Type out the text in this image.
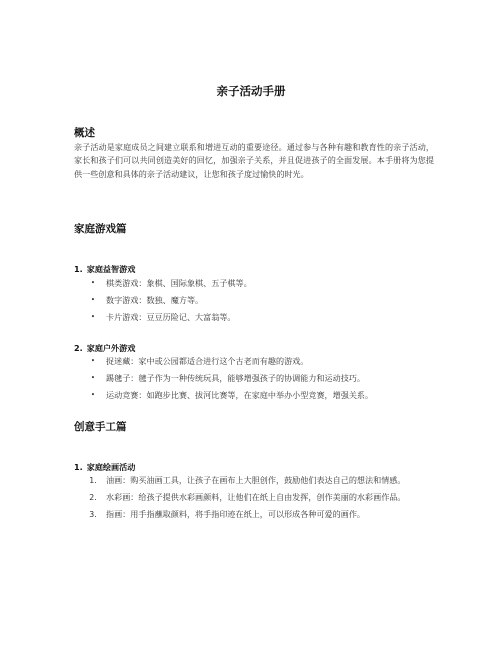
亲子活动手册
概述
亲子活动是家庭成员之间建立联系和增进互动的重要途径。通过参与各种有趣和教育性的亲子活动，家长和孩子们可以共同创造美好的回忆，加强亲子关系，并且促进孩子的全面发展。本手册将为您提供一些创意和具体的亲子活动建议，让您和孩子度过愉快的时光。
家庭游戏篇
1. 家庭益智游戏
•	棋类游戏：象棋、国际象棋、五子棋等。
•	数字游戏：数独、魔方等。
•	卡片游戏：豆豆历险记、大富翁等。
2. 家庭户外游戏
•	捉迷藏：家中或公园都适合进行这个古老而有趣的游戏。
•	踢毽子：毽子作为一种传统玩具，能够增强孩子的协调能力和运动技巧。
•	运动竞赛：如跑步比赛、拔河比赛等，在家庭中举办小型竞赛，增强关系。
创意手工篇
1. 家庭绘画活动
1.	油画：购买油画工具，让孩子在画布上大胆创作，鼓励他们表达自己的想法和情感。
2.	水彩画：给孩子提供水彩画颜料，让他们在纸上自由发挥，创作美丽的水彩画作品。
3.	指画：用手指蘸取颜料，将手指印迹在纸上，可以形成各种可爱的画作。
